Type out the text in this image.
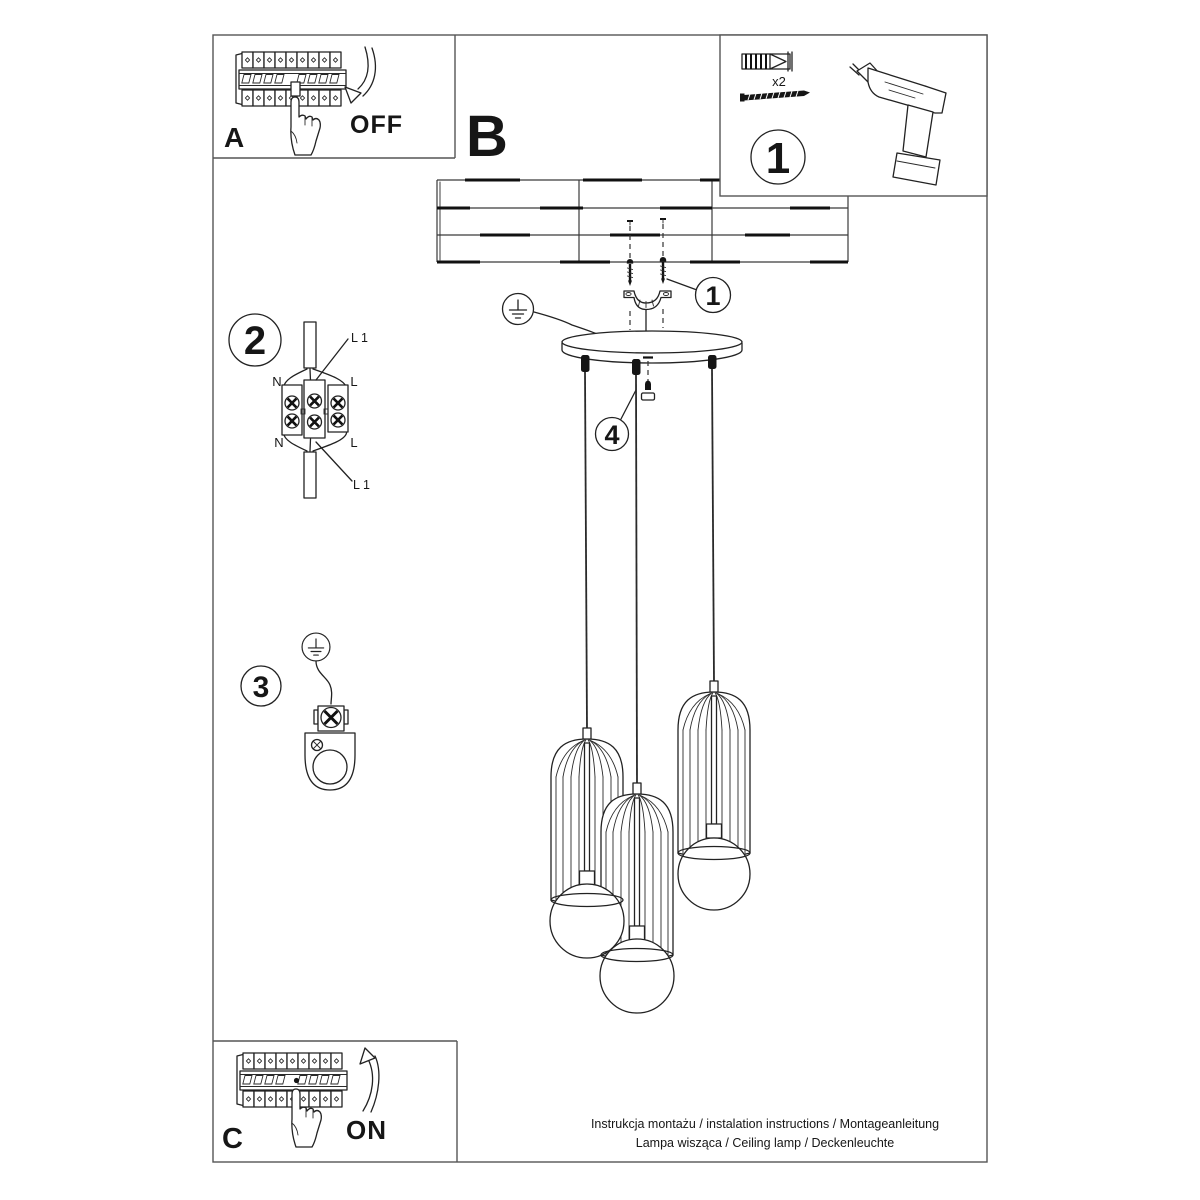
x2
1
A	OFF B
1
4
2
N	L
N	L
L 1
L 1
3
C	ON	Instrukcja montażu / instalation instructions / Montageanleitung
Lampa wisząca / Ceiling lamp / Deckenleuchte
